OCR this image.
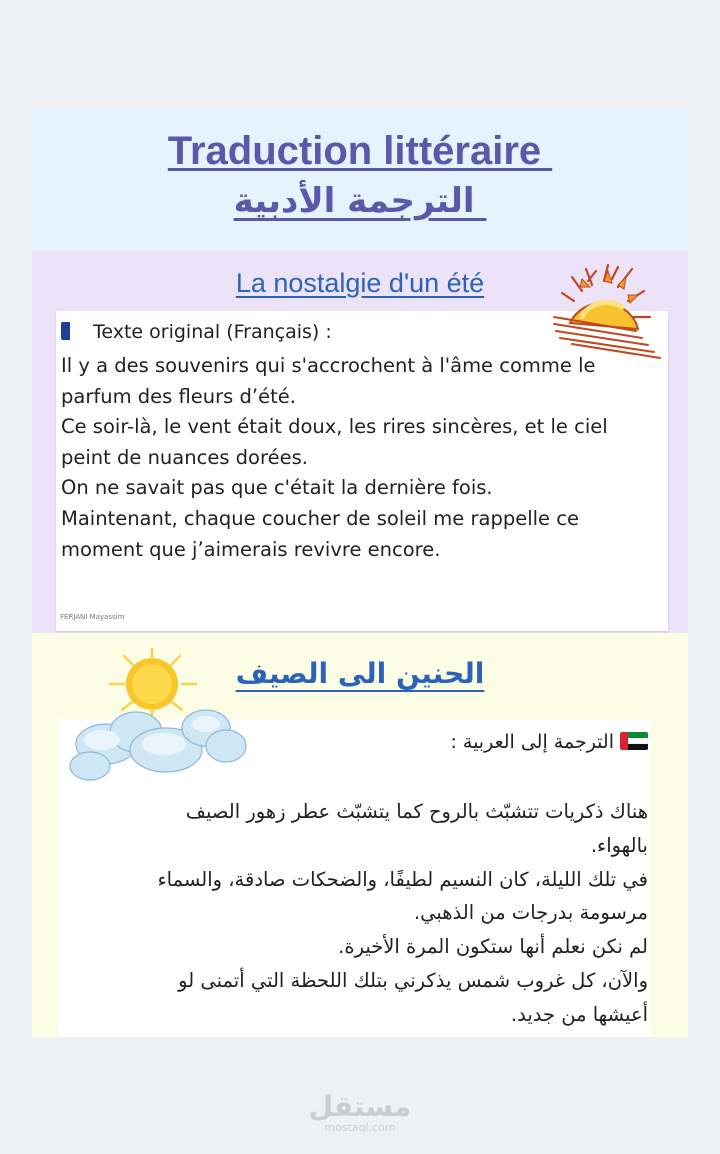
Traduction littéraire
الترجمة الأدبية
La nostalgie d'un été
Texte original (Français) :
Il y a des souvenirs qui s'accrochent à l'âme comme le
parfum des fleurs d’été.
Ce soir-là, le vent était doux, les rires sincères, et le ciel
peint de nuances dorées.
On ne savait pas que c'était la dernière fois.
Maintenant, chaque coucher de soleil me rappelle ce
moment que j’aimerais revivre encore.
FERJANI Mayassim
الحنين الى الصيف
الترجمة إلى العربية :
هناك ذكريات تتشبّث بالروح كما يتشبّث عطر زهور الصيف
بالهواء.
في تلك الليلة، كان النسيم لطيفًا، والضحكات صادقة، والسماء
مرسومة بدرجات من الذهبي.
لم نكن نعلم أنها ستكون المرة الأخيرة.
والآن، كل غروب شمس يذكرني بتلك اللحظة التي أتمنى لو
أعيشها من جديد.
مستقل
mostaql.com
